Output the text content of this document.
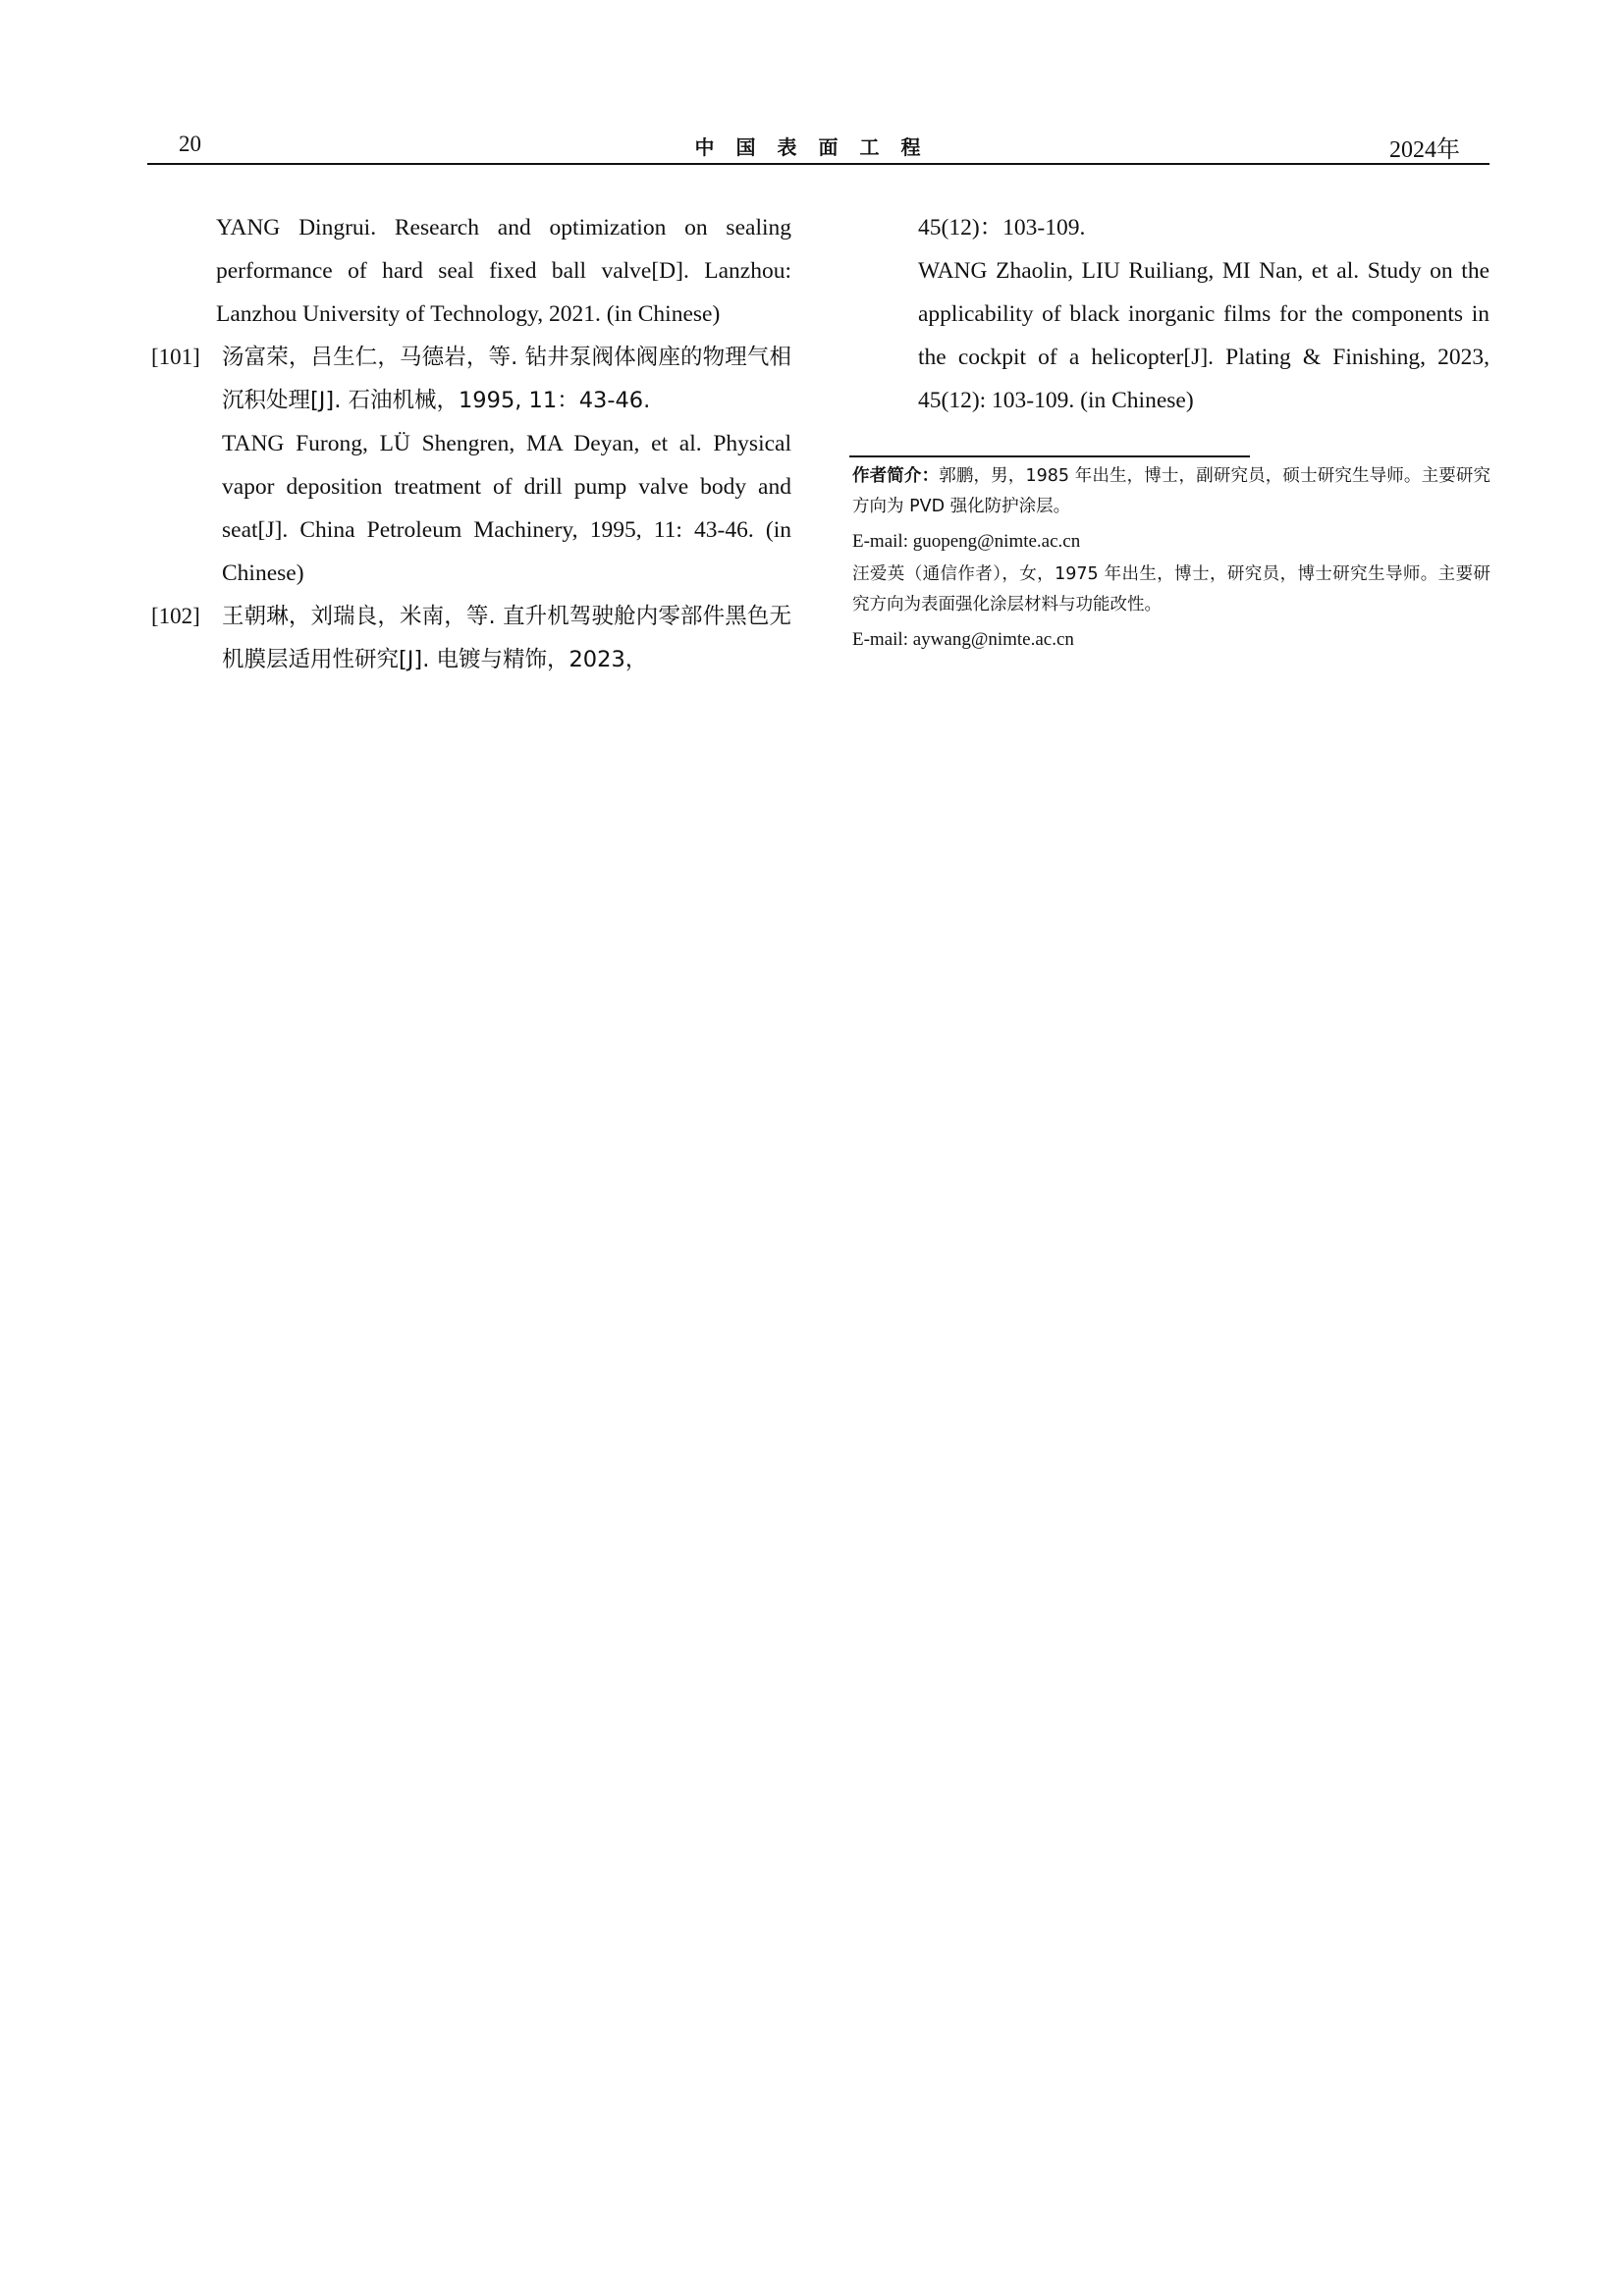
20	中国表面工程	2024年

YANG Dingrui. Research and optimization on sealing performance of hard seal fixed ball valve[D]. Lanzhou: Lanzhou University of Technology, 2021. (in Chinese)

[101] 汤富荣，吕生仁，马德岩，等. 钻井泵阀体阀座的物理气相沉积处理[J]. 石油机械，1995, 11：43-46.

TANG Furong, LÜ Shengren, MA Deyan, et al. Physical vapor deposition treatment of drill pump valve body and seat[J]. China Petroleum Machinery, 1995, 11: 43-46. (in Chinese)

[102] 王朝琳，刘瑞良，米南，等. 直升机驾驶舱内零部件黑色无机膜层适用性研究[J]. 电镀与精饰，2023，

45(12)：103-109.

WANG Zhaolin, LIU Ruiliang, MI Nan, et al. Study on the applicability of black inorganic films for the components in the cockpit of a helicopter[J]. Plating & Finishing, 2023, 45(12): 103-109. (in Chinese)

作者简介：郭鹏，男，1985 年出生，博士，副研究员，硕士研究生导师。主要研究方向为 PVD 强化防护涂层。

E-mail: guopeng@nimte.ac.cn

汪爱英（通信作者），女，1975 年出生，博士，研究员，博士研究生导师。主要研究方向为表面强化涂层材料与功能改性。

E-mail: aywang@nimte.ac.cn
